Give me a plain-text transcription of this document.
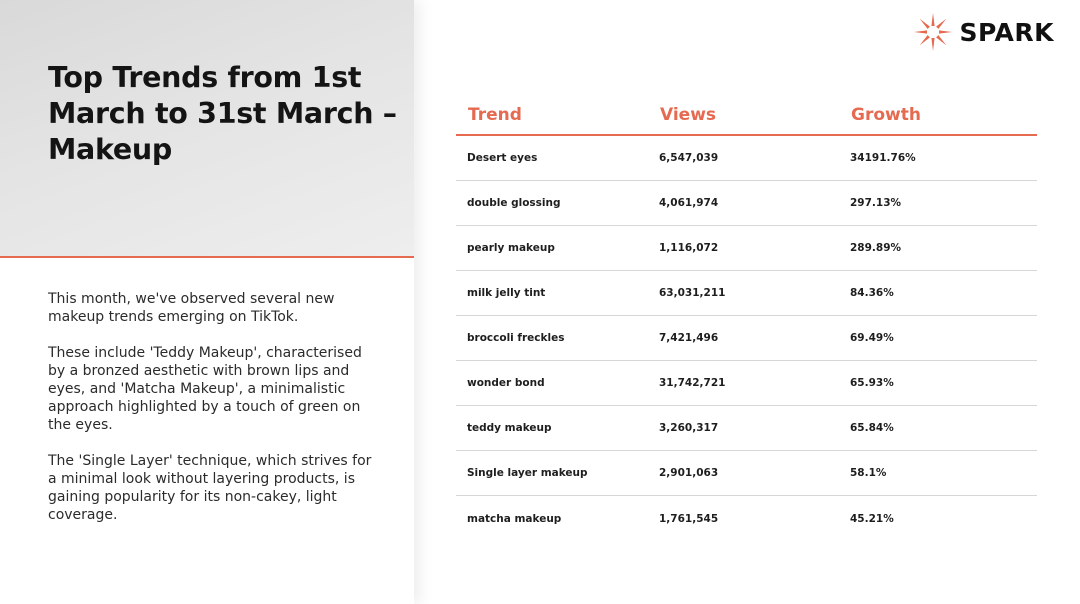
Top Trends from 1st March to 31st March – Makeup

This month, we've observed several new makeup trends emerging on TikTok.

These include 'Teddy Makeup', characterised by a bronzed aesthetic with brown lips and eyes, and 'Matcha Makeup', a minimalistic approach highlighted by a touch of green on the eyes.

The 'Single Layer' technique, which strives for a minimal look without layering products, is gaining popularity for its non-cakey, light coverage.

SPARK
Trend	Views	Growth
Desert eyes	6,547,039	34191.76%
double glossing	4,061,974	297.13%
pearly makeup	1,116,072	289.89%
milk jelly tint	63,031,211	84.36%
broccoli freckles	7,421,496	69.49%
wonder bond	31,742,721	65.93%
teddy makeup	3,260,317	65.84%
Single layer makeup	2,901,063	58.1%
matcha makeup	1,761,545	45.21%
